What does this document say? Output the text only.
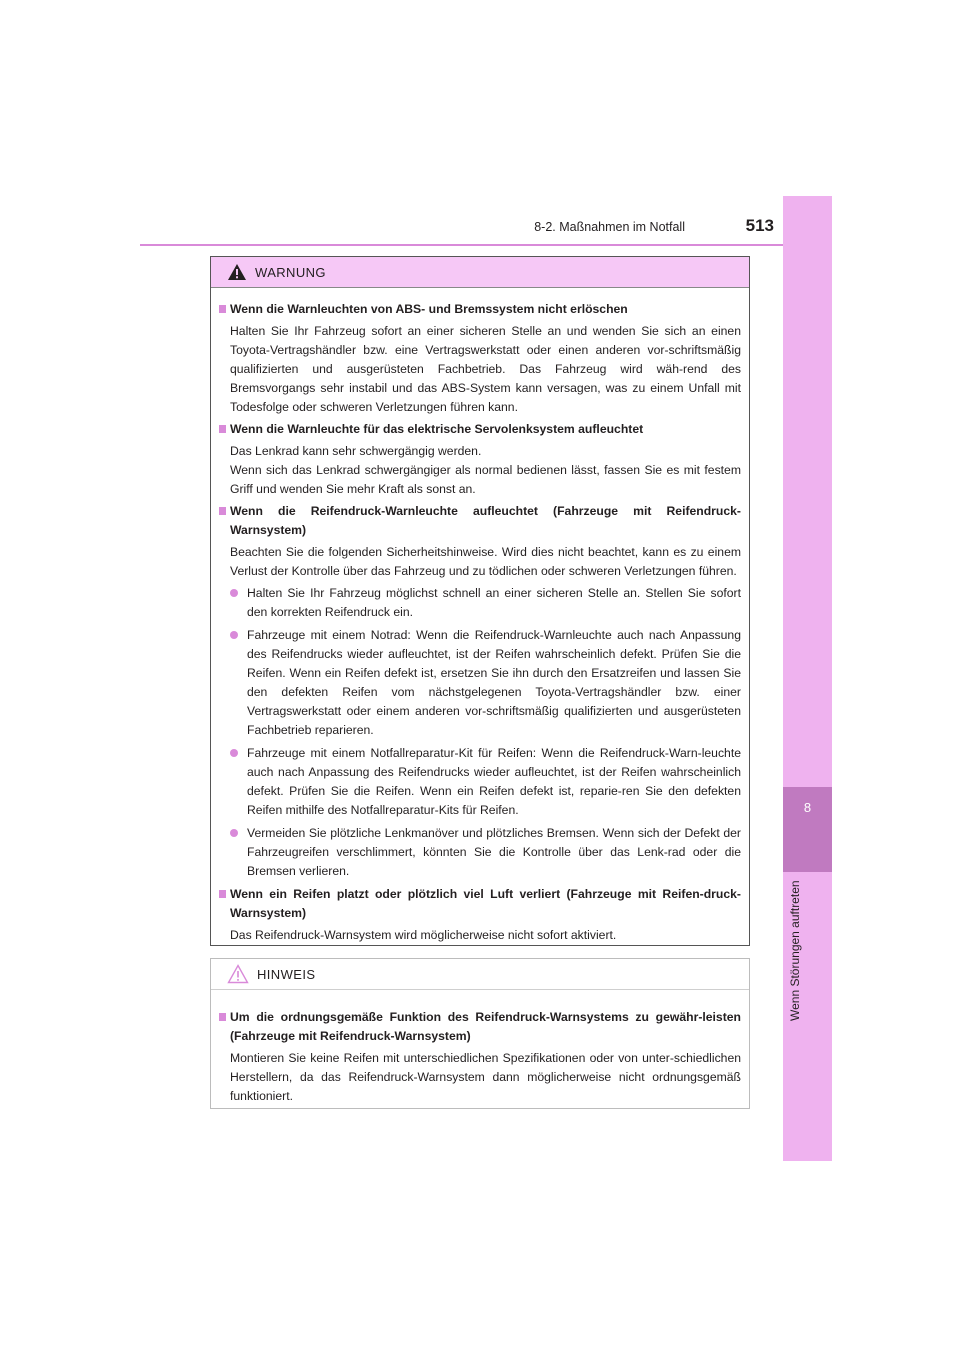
8-2. Maßnahmen im Notfall	513
8
Wenn Störungen auftreten
WARNUNG
Wenn die Warnleuchten von ABS- und Bremssystem nicht erlöschen
Halten Sie Ihr Fahrzeug sofort an einer sicheren Stelle an und wenden Sie sich an einen Toyota-Vertragshändler bzw. eine Vertragswerkstatt oder einen anderen vor-schriftsmäßig qualifizierten und ausgerüsteten Fachbetrieb. Das Fahrzeug wird wäh-rend des Bremsvorgangs sehr instabil und das ABS-System kann versagen, was zu einem Unfall mit Todesfolge oder schweren Verletzungen führen kann.
Wenn die Warnleuchte für das elektrische Servolenksystem aufleuchtet
Das Lenkrad kann sehr schwergängig werden.
Wenn sich das Lenkrad schwergängiger als normal bedienen lässt, fassen Sie es mit festem Griff und wenden Sie mehr Kraft als sonst an.
Wenn die Reifendruck-Warnleuchte aufleuchtet (Fahrzeuge mit Reifendruck-Warnsystem)
Beachten Sie die folgenden Sicherheitshinweise. Wird dies nicht beachtet, kann es zu einem Verlust der Kontrolle über das Fahrzeug und zu tödlichen oder schweren Verletzungen führen.
Halten Sie Ihr Fahrzeug möglichst schnell an einer sicheren Stelle an. Stellen Sie sofort den korrekten Reifendruck ein.
Fahrzeuge mit einem Notrad: Wenn die Reifendruck-Warnleuchte auch nach Anpassung des Reifendrucks wieder aufleuchtet, ist der Reifen wahrscheinlich defekt. Prüfen Sie die Reifen. Wenn ein Reifen defekt ist, ersetzen Sie ihn durch den Ersatzreifen und lassen Sie den defekten Reifen vom nächstgelegenen Toyota-Vertragshändler bzw. einer Vertragswerkstatt oder einem anderen vor-schriftsmäßig qualifizierten und ausgerüsteten Fachbetrieb reparieren.
Fahrzeuge mit einem Notfallreparatur-Kit für Reifen: Wenn die Reifendruck-Warn-leuchte auch nach Anpassung des Reifendrucks wieder aufleuchtet, ist der Reifen wahrscheinlich defekt. Prüfen Sie die Reifen. Wenn ein Reifen defekt ist, reparie-ren Sie den defekten Reifen mithilfe des Notfallreparatur-Kits für Reifen.
Vermeiden Sie plötzliche Lenkmanöver und plötzliches Bremsen. Wenn sich der Defekt der Fahrzeugreifen verschlimmert, könnten Sie die Kontrolle über das Lenk-rad oder die Bremsen verlieren.
Wenn ein Reifen platzt oder plötzlich viel Luft verliert (Fahrzeuge mit Reifen-druck-Warnsystem)
Das Reifendruck-Warnsystem wird möglicherweise nicht sofort aktiviert.
HINWEIS
Um die ordnungsgemäße Funktion des Reifendruck-Warnsystems zu gewähr-leisten (Fahrzeuge mit Reifendruck-Warnsystem)
Montieren Sie keine Reifen mit unterschiedlichen Spezifikationen oder von unter-schiedlichen Herstellern, da das Reifendruck-Warnsystem dann möglicherweise nicht ordnungsgemäß funktioniert.
